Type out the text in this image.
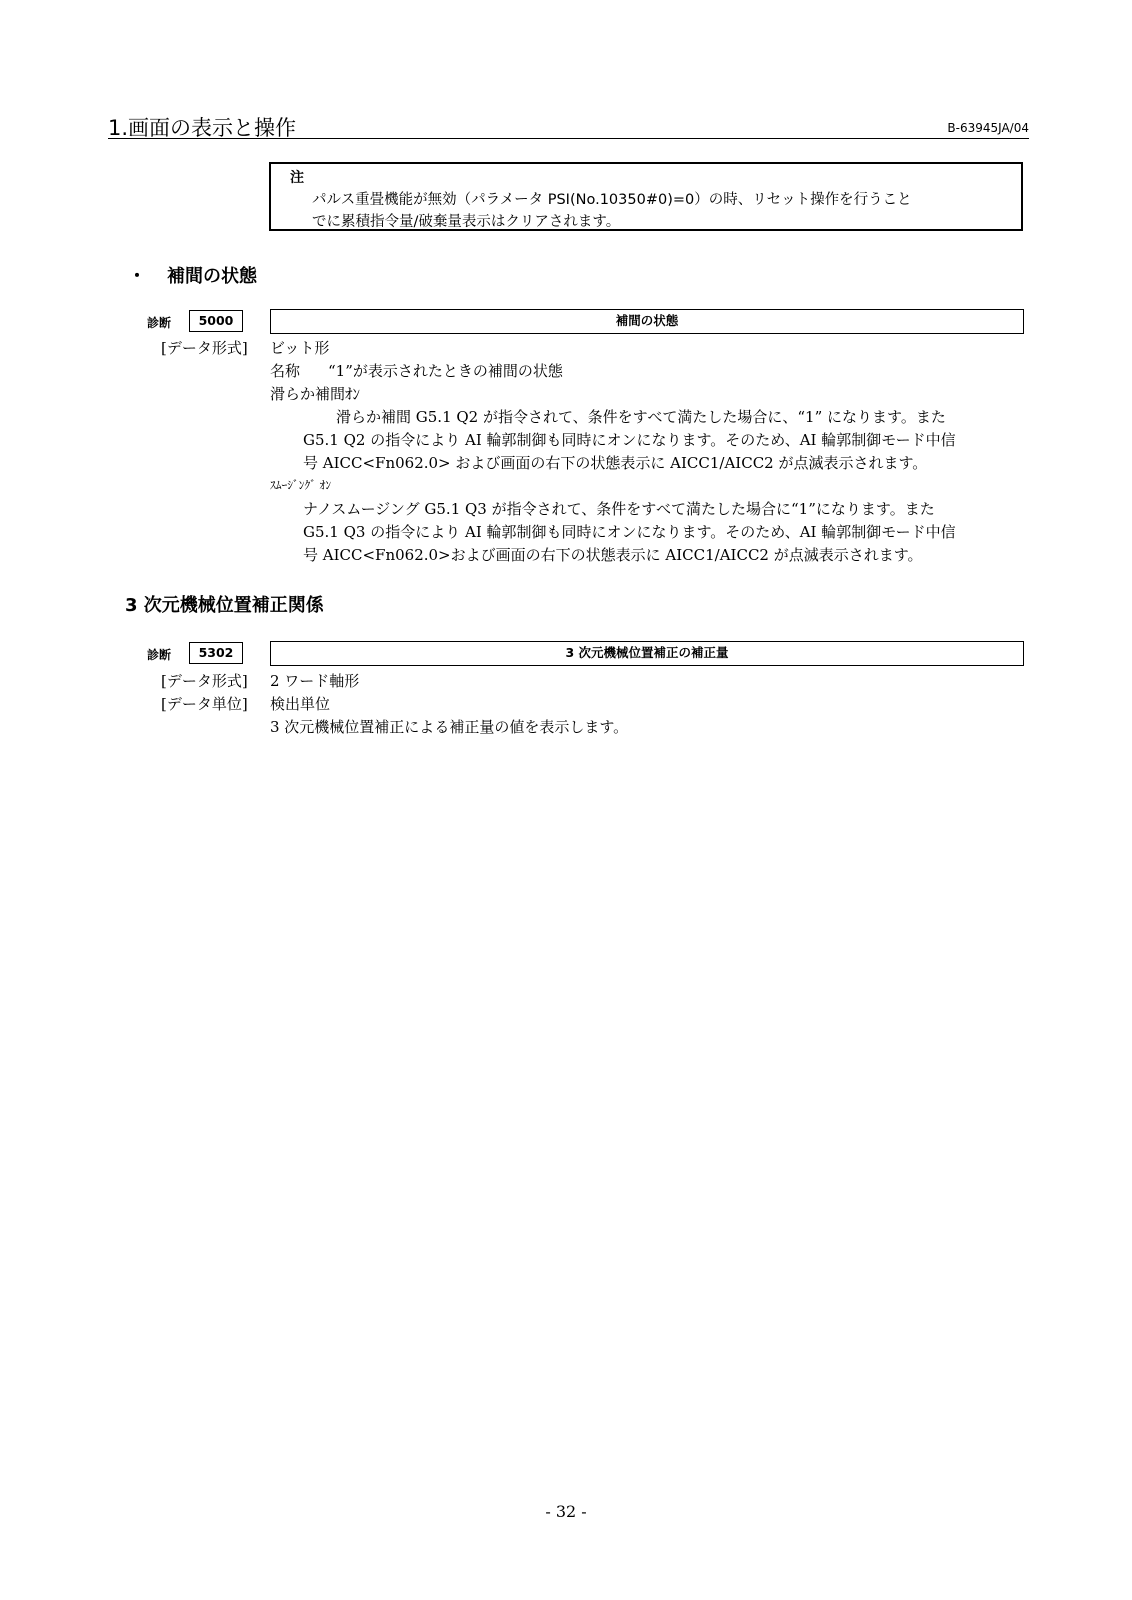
1.画面の表示と操作	B-63945JA/04
注
パルス重畳機能が無効（パラメータ PSI(No.10350#0)=0）の時、リセット操作を行うこと
でに累積指令量/破棄量表示はクリアされます。
・ 補間の状態
診断	5000	補間の状態
[データ形式] ビット形
名称 “1”が表示されたときの補間の状態
滑らか補間ｵﾝ
滑らか補間 G5.1 Q2 が指令されて、条件をすべて満たした場合に、“1” になります。また
G5.1 Q2 の指令により AI 輪郭制御も同時にオンになります。そのため、AI 輪郭制御モード中信
号 AICC<Fn062.0> および画面の右下の状態表示に AICC1/AICC2 が点滅表示されます。
ｽﾑｰｼﾞﾝｸﾞ ｵﾝ
ナノスムージング G5.1 Q3 が指令されて、条件をすべて満たした場合に“1”になります。また
G5.1 Q3 の指令により AI 輪郭制御も同時にオンになります。そのため、AI 輪郭制御モード中信
号 AICC<Fn062.0>および画面の右下の状態表示に AICC1/AICC2 が点滅表示されます。
3 次元機械位置補正関係
診断	5302	3 次元機械位置補正の補正量
[データ形式] 2 ワード軸形
[データ単位] 検出単位
3 次元機械位置補正による補正量の値を表示します。
- 32 -
